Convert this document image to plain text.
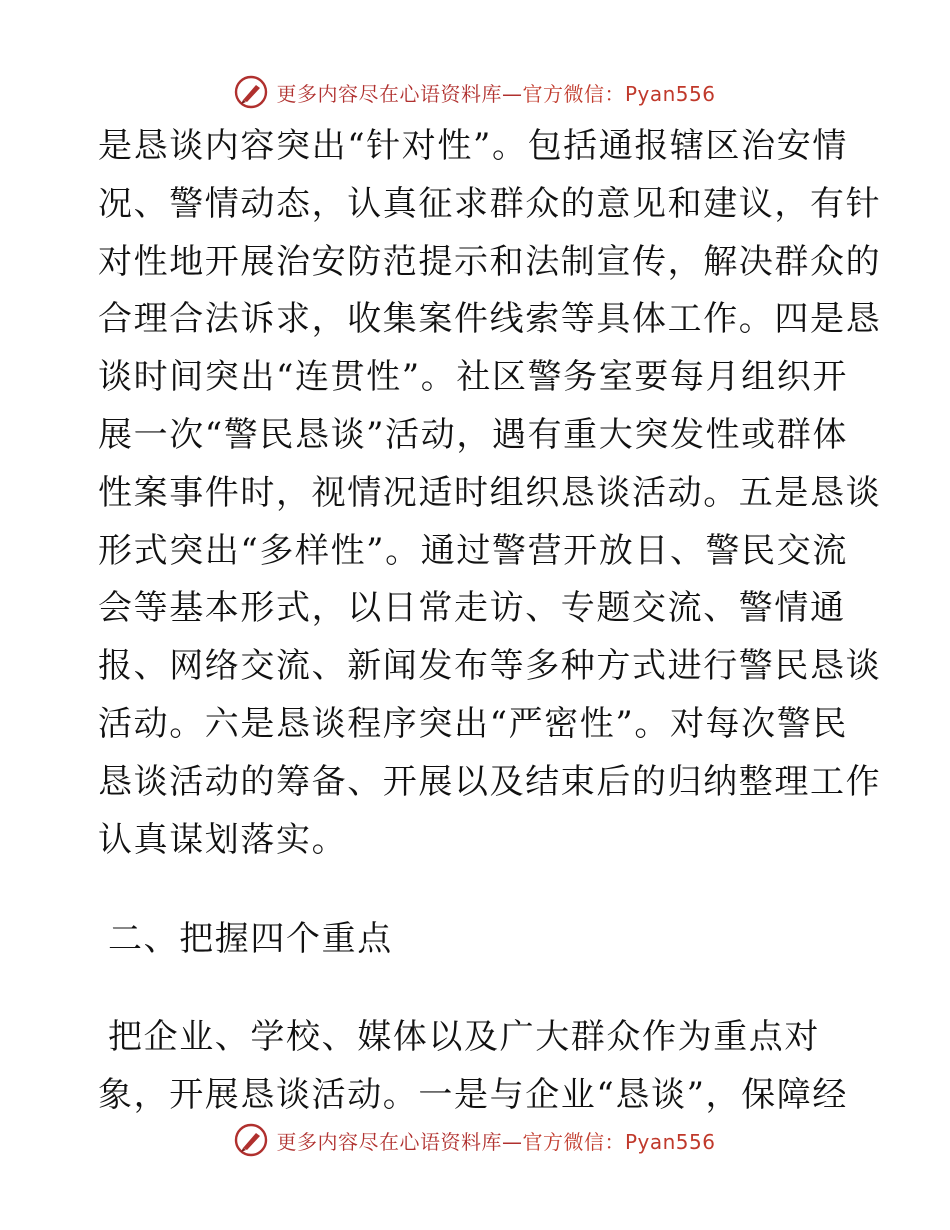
更多内容尽在心语资料库—官方微信：Pyan556
是恳谈内容突出“针对性”。包括通报辖区治安情
况、警情动态，认真征求群众的意见和建议，有针
对性地开展治安防范提示和法制宣传，解决群众的
合理合法诉求，收集案件线索等具体工作。四是恳
谈时间突出“连贯性”。社区警务室要每月组织开
展一次“警民恳谈”活动，遇有重大突发性或群体
性案事件时，视情况适时组织恳谈活动。五是恳谈
形式突出“多样性”。通过警营开放日、警民交流
会等基本形式，以日常走访、专题交流、警情通
报、网络交流、新闻发布等多种方式进行警民恳谈
活动。六是恳谈程序突出“严密性”。对每次警民
恳谈活动的筹备、开展以及结束后的归纳整理工作
认真谋划落实。
二、把握四个重点
把企业、学校、媒体以及广大群众作为重点对
象，开展恳谈活动。一是与企业“恳谈”，保障经
更多内容尽在心语资料库—官方微信：Pyan556
